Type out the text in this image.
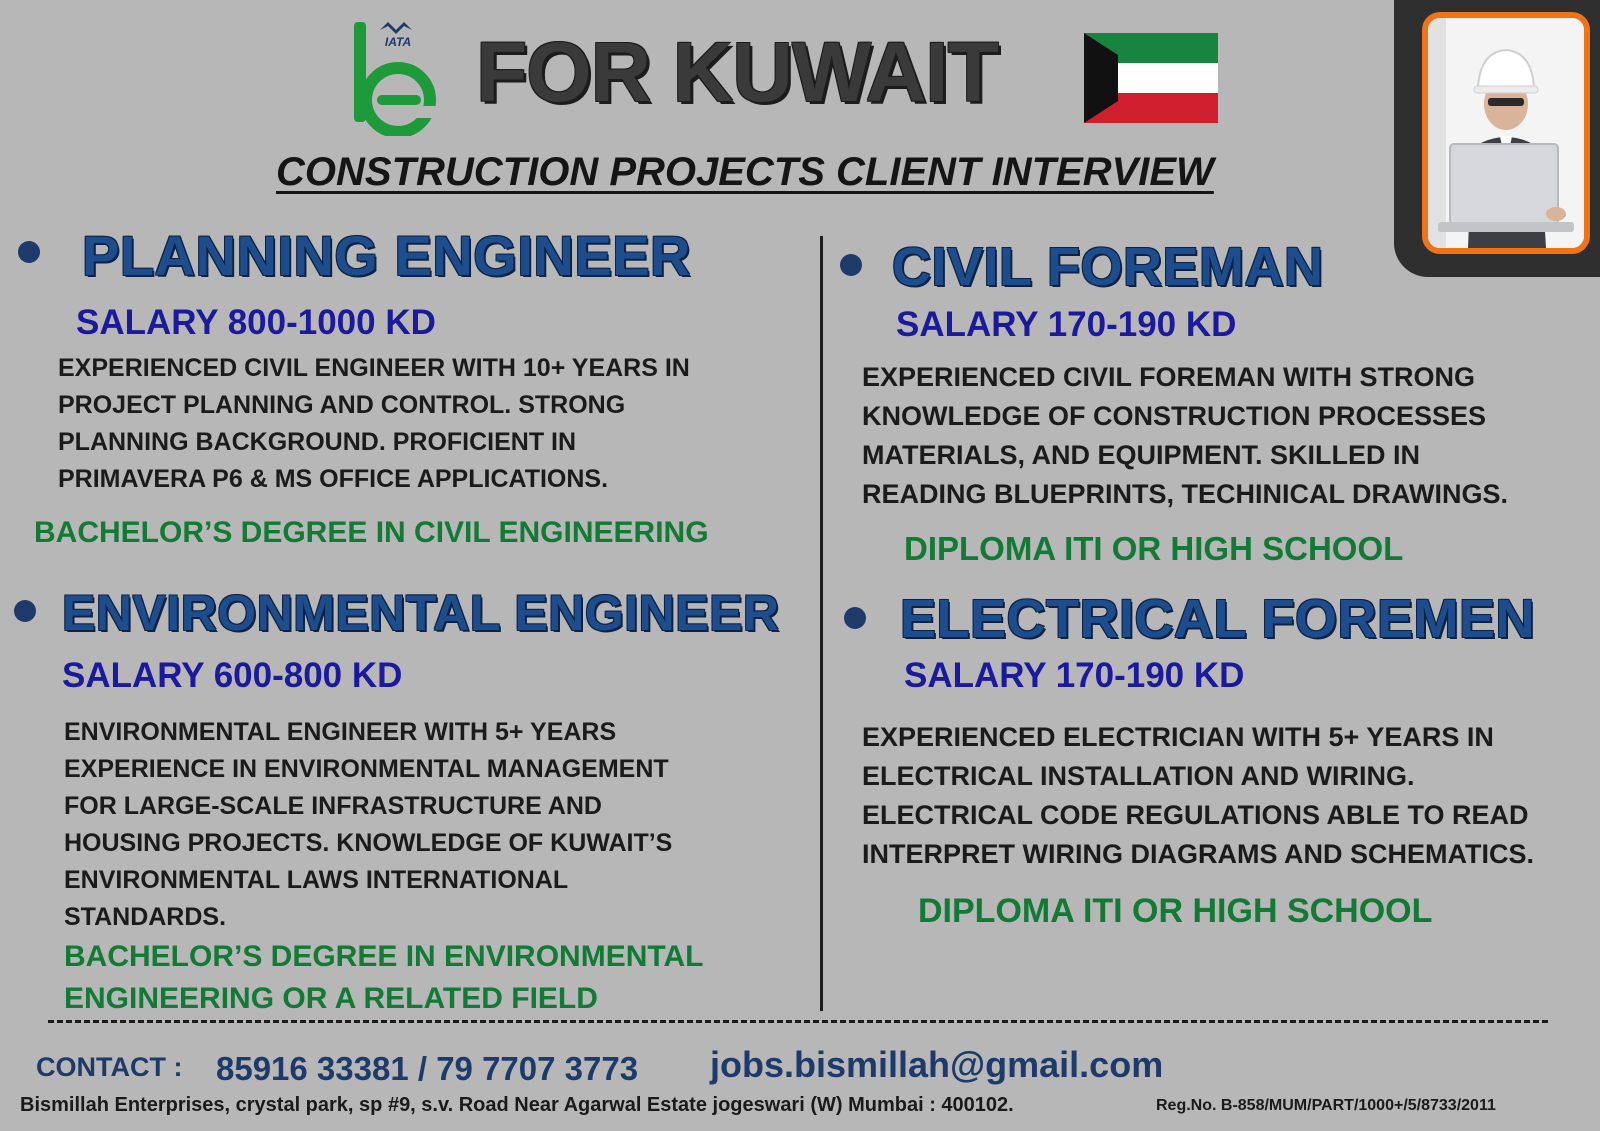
IATA FOR KUWAIT
CONSTRUCTION PROJECTS CLIENT INTERVIEW
PLANNING ENGINEER
SALARY 800-1000 KD
EXPERIENCED CIVIL ENGINEER WITH 10+ YEARS IN
PROJECT PLANNING AND CONTROL. STRONG
PLANNING BACKGROUND. PROFICIENT IN
PRIMAVERA P6 & MS OFFICE APPLICATIONS.
BACHELOR’S DEGREE IN CIVIL ENGINEERING
ENVIRONMENTAL ENGINEER
SALARY 600-800 KD
ENVIRONMENTAL ENGINEER WITH 5+ YEARS
EXPERIENCE IN ENVIRONMENTAL MANAGEMENT
FOR LARGE-SCALE INFRASTRUCTURE AND
HOUSING PROJECTS. KNOWLEDGE OF KUWAIT’S
ENVIRONMENTAL LAWS INTERNATIONAL
STANDARDS.
BACHELOR’S DEGREE IN ENVIRONMENTAL
ENGINEERING OR A RELATED FIELD
CIVIL FOREMAN
SALARY 170-190 KD
EXPERIENCED CIVIL FOREMAN WITH STRONG
KNOWLEDGE OF CONSTRUCTION PROCESSES
MATERIALS, AND EQUIPMENT. SKILLED IN
READING BLUEPRINTS, TECHINICAL DRAWINGS.
DIPLOMA ITI OR HIGH SCHOOL
ELECTRICAL FOREMEN
SALARY 170-190 KD
EXPERIENCED ELECTRICIAN WITH 5+ YEARS IN
ELECTRICAL INSTALLATION AND WIRING.
ELECTRICAL CODE REGULATIONS ABLE TO READ
INTERPRET WIRING DIAGRAMS AND SCHEMATICS.
DIPLOMA ITI OR HIGH SCHOOL
CONTACT : 85916 33381 / 79 7707 3773 jobs.bismillah@gmail.com
Bismillah Enterprises, crystal park, sp #9, s.v. Road Near Agarwal Estate jogeswari (W) Mumbai : 400102.	Reg.No. B-858/MUM/PART/1000+/5/8733/2011
